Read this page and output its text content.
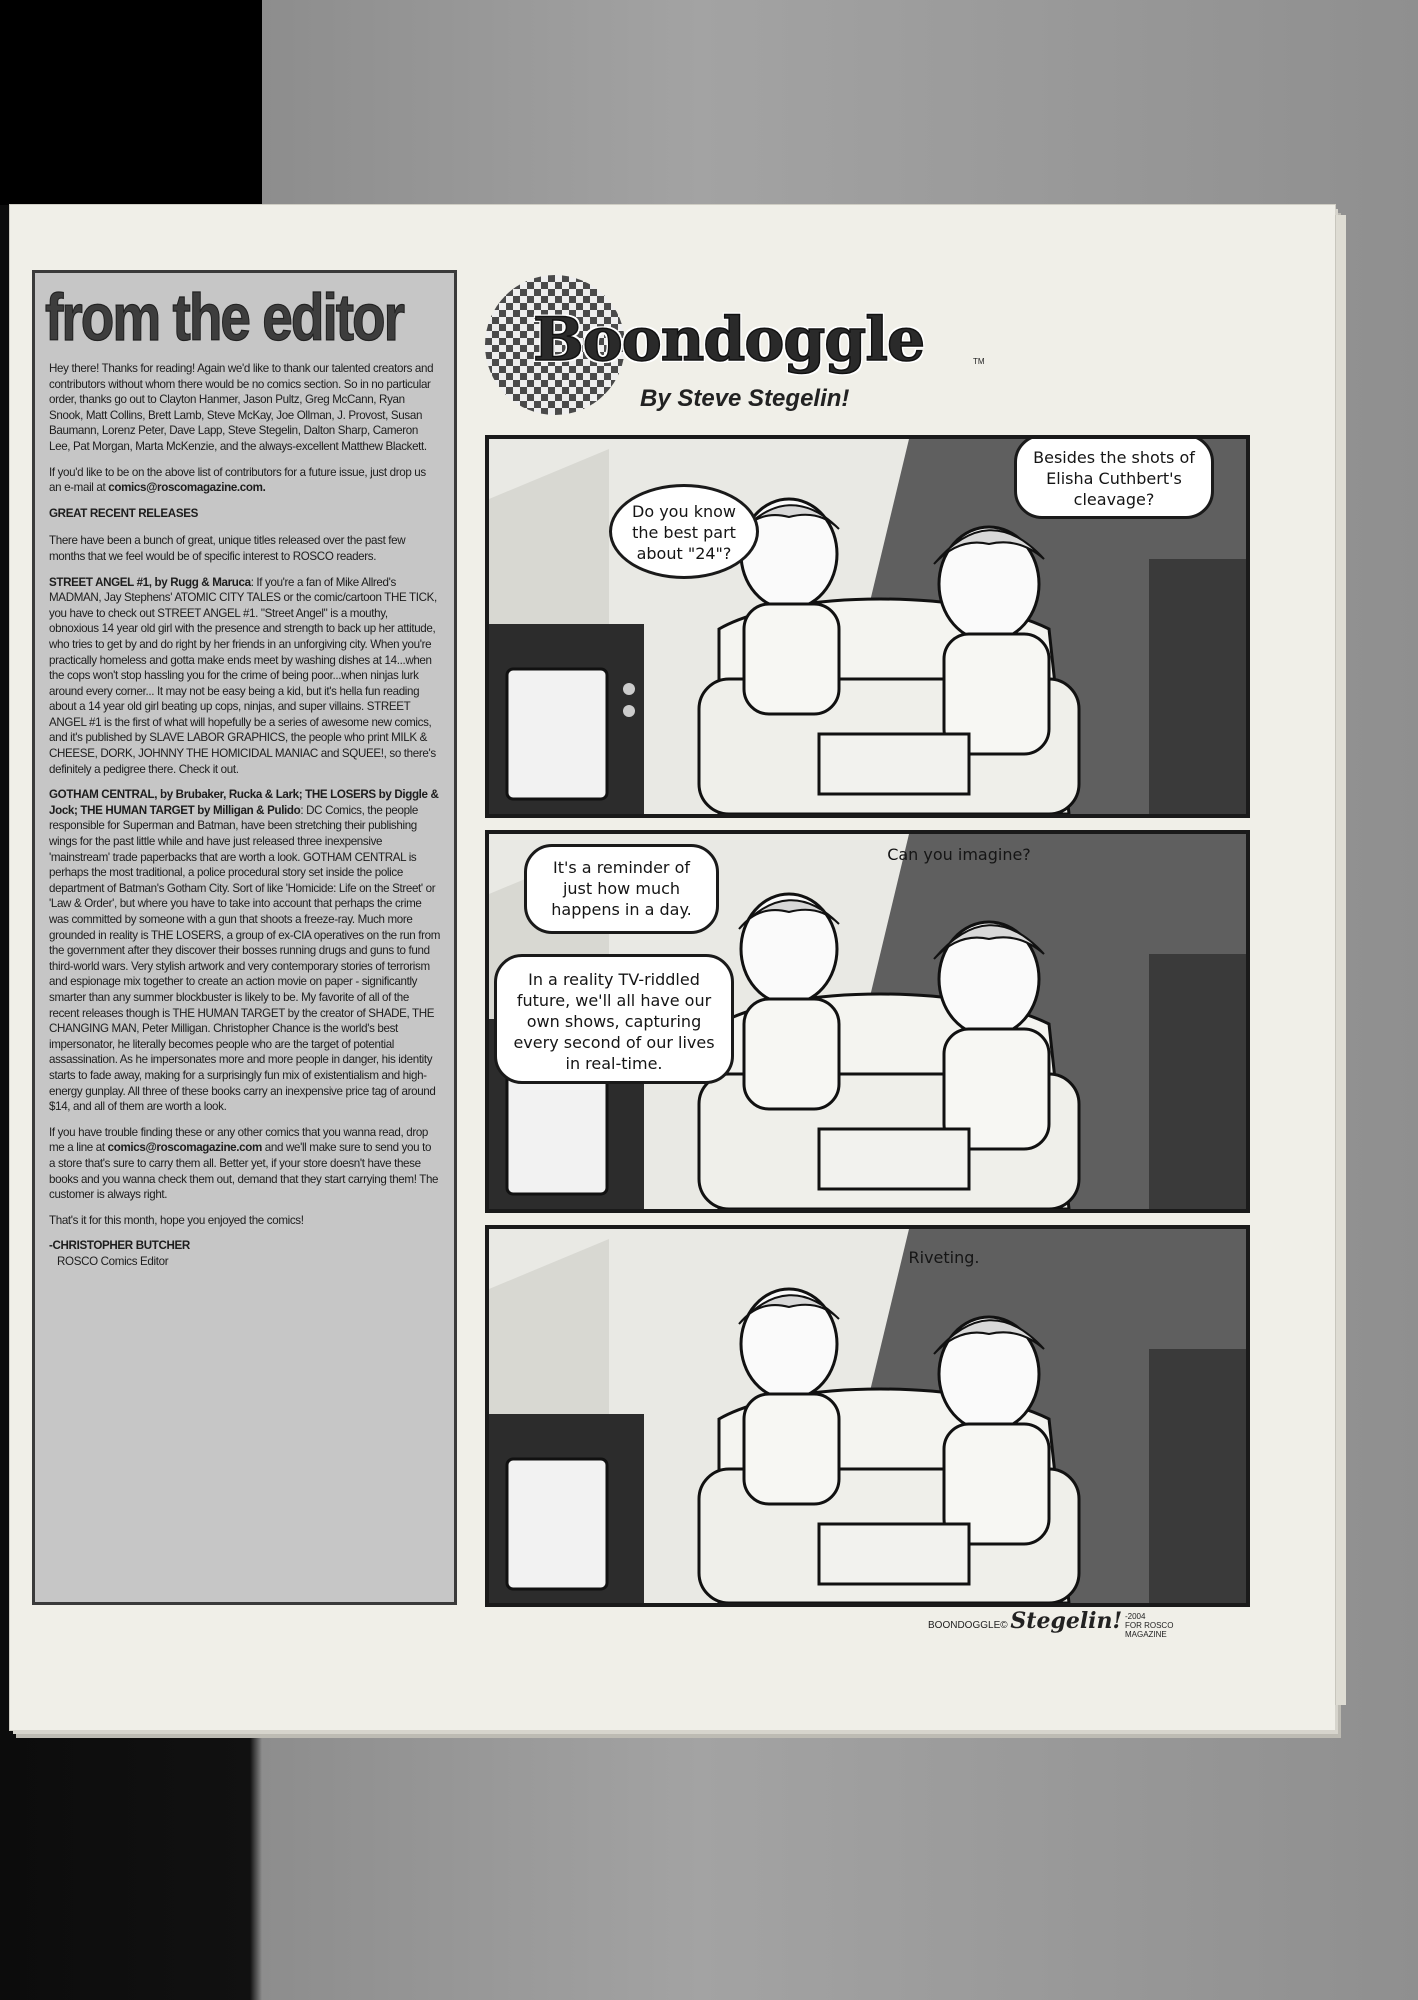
from the editor

Hey there! Thanks for reading! Again we'd like to thank our talented creators and contributors without whom there would be no comics section. So in no particular order, thanks go out to Clayton Hanmer, Jason Pultz, Greg McCann, Ryan Snook, Matt Collins, Brett Lamb, Steve McKay, Joe Ollman, J. Provost, Susan Baumann, Lorenz Peter, Dave Lapp, Steve Stegelin, Dalton Sharp, Cameron Lee, Pat Morgan, Marta McKenzie, and the always-excellent Matthew Blackett.

If you'd like to be on the above list of contributors for a future issue, just drop us an e-mail at comics@roscomagazine.com.

GREAT RECENT RELEASES

There have been a bunch of great, unique titles released over the past few months that we feel would be of specific interest to ROSCO readers.

STREET ANGEL #1, by Rugg & Maruca: If you're a fan of Mike Allred's MADMAN, Jay Stephens' ATOMIC CITY TALES or the comic/cartoon THE TICK, you have to check out STREET ANGEL #1. "Street Angel" is a mouthy, obnoxious 14 year old girl with the presence and strength to back up her attitude, who tries to get by and do right by her friends in an unforgiving city. When you're practically homeless and gotta make ends meet by washing dishes at 14...when the cops won't stop hassling you for the crime of being poor...when ninjas lurk around every corner... It may not be easy being a kid, but it's hella fun reading about a 14 year old girl beating up cops, ninjas, and super villains. STREET ANGEL #1 is the first of what will hopefully be a series of awesome new comics, and it's published by SLAVE LABOR GRAPHICS, the people who print MILK & CHEESE, DORK, JOHNNY THE HOMICIDAL MANIAC and SQUEE!, so there's definitely a pedigree there. Check it out.

GOTHAM CENTRAL, by Brubaker, Rucka & Lark; THE LOSERS by Diggle & Jock; THE HUMAN TARGET by Milligan & Pulido: DC Comics, the people responsible for Superman and Batman, have been stretching their publishing wings for the past little while and have just released three inexpensive 'mainstream' trade paperbacks that are worth a look. GOTHAM CENTRAL is perhaps the most traditional, a police procedural story set inside the police department of Batman's Gotham City. Sort of like 'Homicide: Life on the Street' or 'Law & Order', but where you have to take into account that perhaps the crime was committed by someone with a gun that shoots a freeze-ray. Much more grounded in reality is THE LOSERS, a group of ex-CIA operatives on the run from the government after they discover their bosses running drugs and guns to fund third-world wars. Very stylish artwork and very contemporary stories of terrorism and espionage mix together to create an action movie on paper - significantly smarter than any summer blockbuster is likely to be. My favorite of all of the recent releases though is THE HUMAN TARGET by the creator of SHADE, THE CHANGING MAN, Peter Milligan. Christopher Chance is the world's best impersonator, he literally becomes people who are the target of potential assassination. As he impersonates more and more people in danger, his identity starts to fade away, making for a surprisingly fun mix of existentialism and high-energy gunplay. All three of these books carry an inexpensive price tag of around $14, and all of them are worth a look.

If you have trouble finding these or any other comics that you wanna read, drop me a line at comics@roscomagazine.com and we'll make sure to send you to a store that's sure to carry them all. Better yet, if your store doesn't have these books and you wanna check them out, demand that they start carrying them! The customer is always right.

That's it for this month, hope you enjoyed the comics!

-CHRISTOPHER BUTCHER
ROSCO Comics Editor

Boondoggle	TM
By Steve Stegelin!
Do you know the best part about "24"?
Besides the shots of Elisha Cuthbert's cleavage?
It's a reminder of just how much happens in a day.
Can you imagine?
In a reality TV-riddled future, we'll all have our own shows, capturing every second of our lives in real-time.
Riveting.
BOONDOGGLE© Stegelin! -2004
FOR ROSCO
MAGAZINE
